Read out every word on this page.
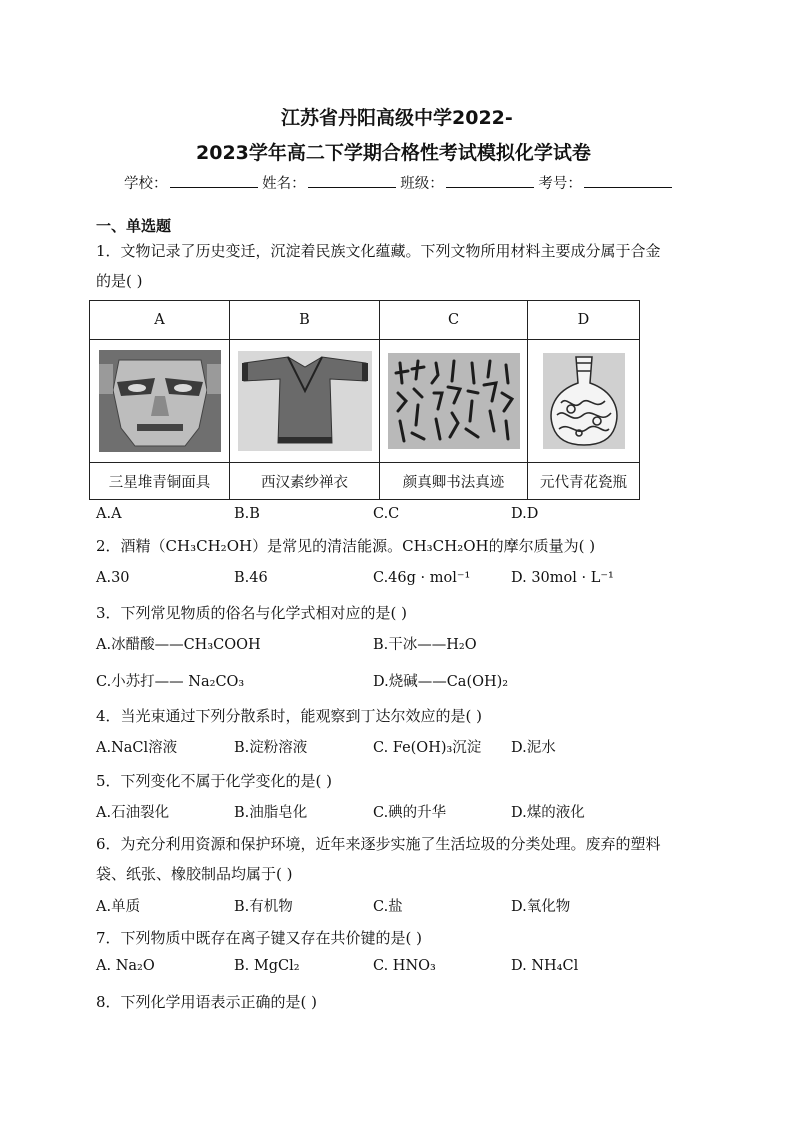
江苏省丹阳高级中学2022-
2023学年高二下学期合格性考试模拟化学试卷
学校：	姓名：	班级：	考号：
一、单选题
1．文物记录了历史变迁，沉淀着民族文化蕴藏。下列文物所用材料主要成分属于合金
的是( )
A	B	C	D

三星堆青铜面具	西汉素纱禅衣	颜真卿书法真迹	元代青花瓷瓶
A.A	B.B	C.C	D.D
2．酒精（CH₃CH₂OH）是常见的清洁能源。CH₃CH₂OH的摩尔质量为( )
A.30	B.46	C.46g · mol⁻¹	D. 30mol · L⁻¹
3．下列常见物质的俗名与化学式相对应的是( )
A.冰醋酸——CH₃COOH	B.干冰——H₂O
C.小苏打—— Na₂CO₃	D.烧碱——Ca(OH)₂
4．当光束通过下列分散系时，能观察到丁达尔效应的是( )
A.NaCl溶液	B.淀粉溶液	C. Fe(OH)₃沉淀 D.泥水
5．下列变化不属于化学变化的是( )
A.石油裂化	B.油脂皂化	C.碘的升华	D.煤的液化
6．为充分利用资源和保护环境，近年来逐步实施了生活垃圾的分类处理。废弃的塑料
袋、纸张、橡胶制品均属于( )
A.单质	B.有机物	C.盐	D.氧化物
7．下列物质中既存在离子键又存在共价键的是( )
A. Na₂O	B. MgCl₂	C. HNO₃	D. NH₄Cl
8．下列化学用语表示正确的是( )
